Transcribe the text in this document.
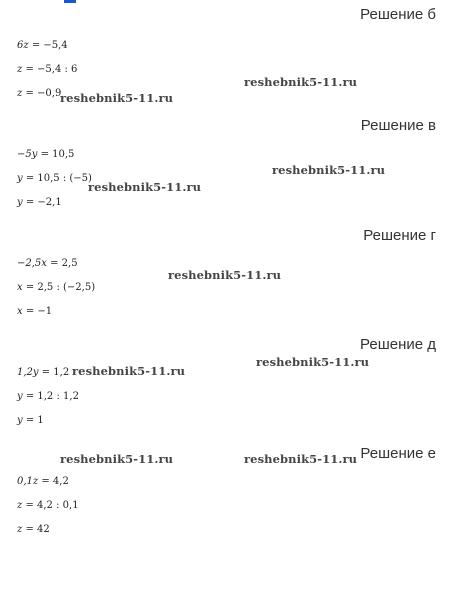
Решение б
6z = −5,4
z = −5,4 : 6
z = −0,9
Решение в
−5y = 10,5
y = 10,5 : (−5)
y = −2,1
Решение г
−2,5x = 2,5
x = 2,5 : (−2,5)
x = −1
Решение д
1,2y = 1,2
y = 1,2 : 1,2
y = 1
Решение е
0,1z = 4,2
z = 4,2 : 0,1
z = 42
reshebnik5-11.ru
reshebnik5-11.ru
reshebnik5-11.ru
reshebnik5-11.ru
reshebnik5-11.ru
reshebnik5-11.ru
reshebnik5-11.ru
reshebnik5-11.ru	reshebnik5-11.ru
